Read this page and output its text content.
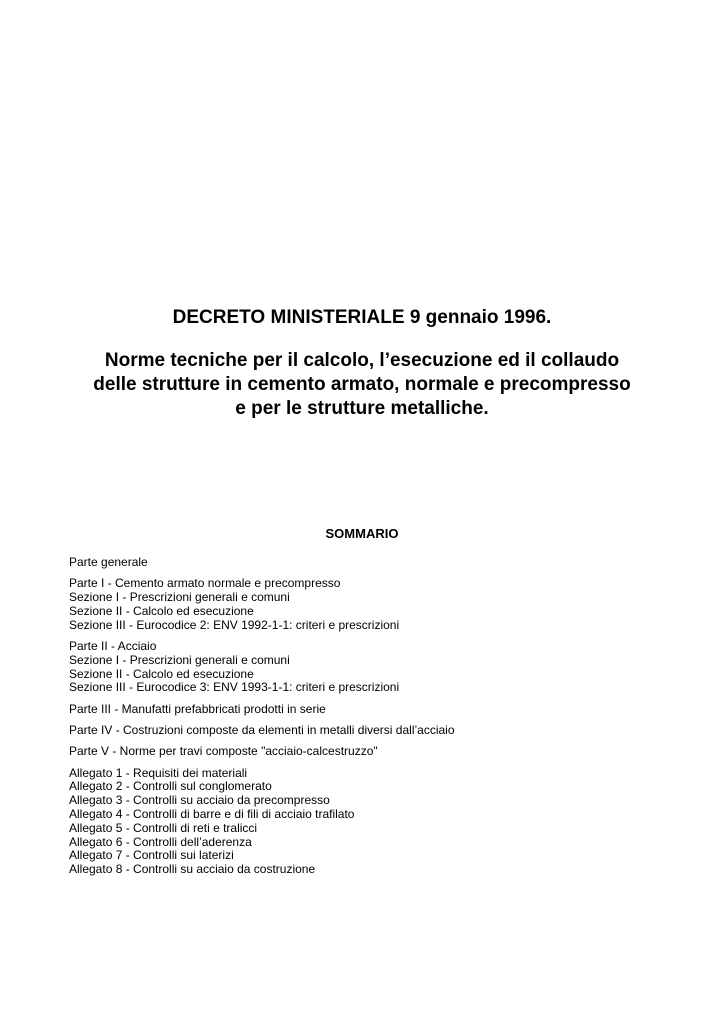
DECRETO MINISTERIALE 9 gennaio 1996.
Norme tecniche per il calcolo, l’esecuzione ed il collaudo
delle strutture in cemento armato, normale e precompresso
e per le strutture metalliche.
SOMMARIO
Parte generale
Parte I - Cemento armato normale e precompresso
Sezione I - Prescrizioni generali e comuni
Sezione II - Calcolo ed esecuzione
Sezione III - Eurocodice 2: ENV 1992-1-1: criteri e prescrizioni
Parte II - Acciaio
Sezione I - Prescrizioni generali e comuni
Sezione II - Calcolo ed esecuzione
Sezione III - Eurocodice 3: ENV 1993-1-1: criteri e prescrizioni
Parte III - Manufatti prefabbricati prodotti in serie
Parte IV - Costruzioni composte da elementi in metalli diversi dall’acciaio
Parte V - Norme per travi composte "acciaio-calcestruzzo"
Allegato 1 - Requisiti dei materiali
Allegato 2 - Controlli sul conglomerato
Allegato 3 - Controlli su acciaio da precompresso
Allegato 4 - Controlli di barre e di fili di acciaio trafilato
Allegato 5 - Controlli di reti e tralicci
Allegato 6 - Controlli dell’aderenza
Allegato 7 - Controlli sui laterizi
Allegato 8 - Controlli su acciaio da costruzione
